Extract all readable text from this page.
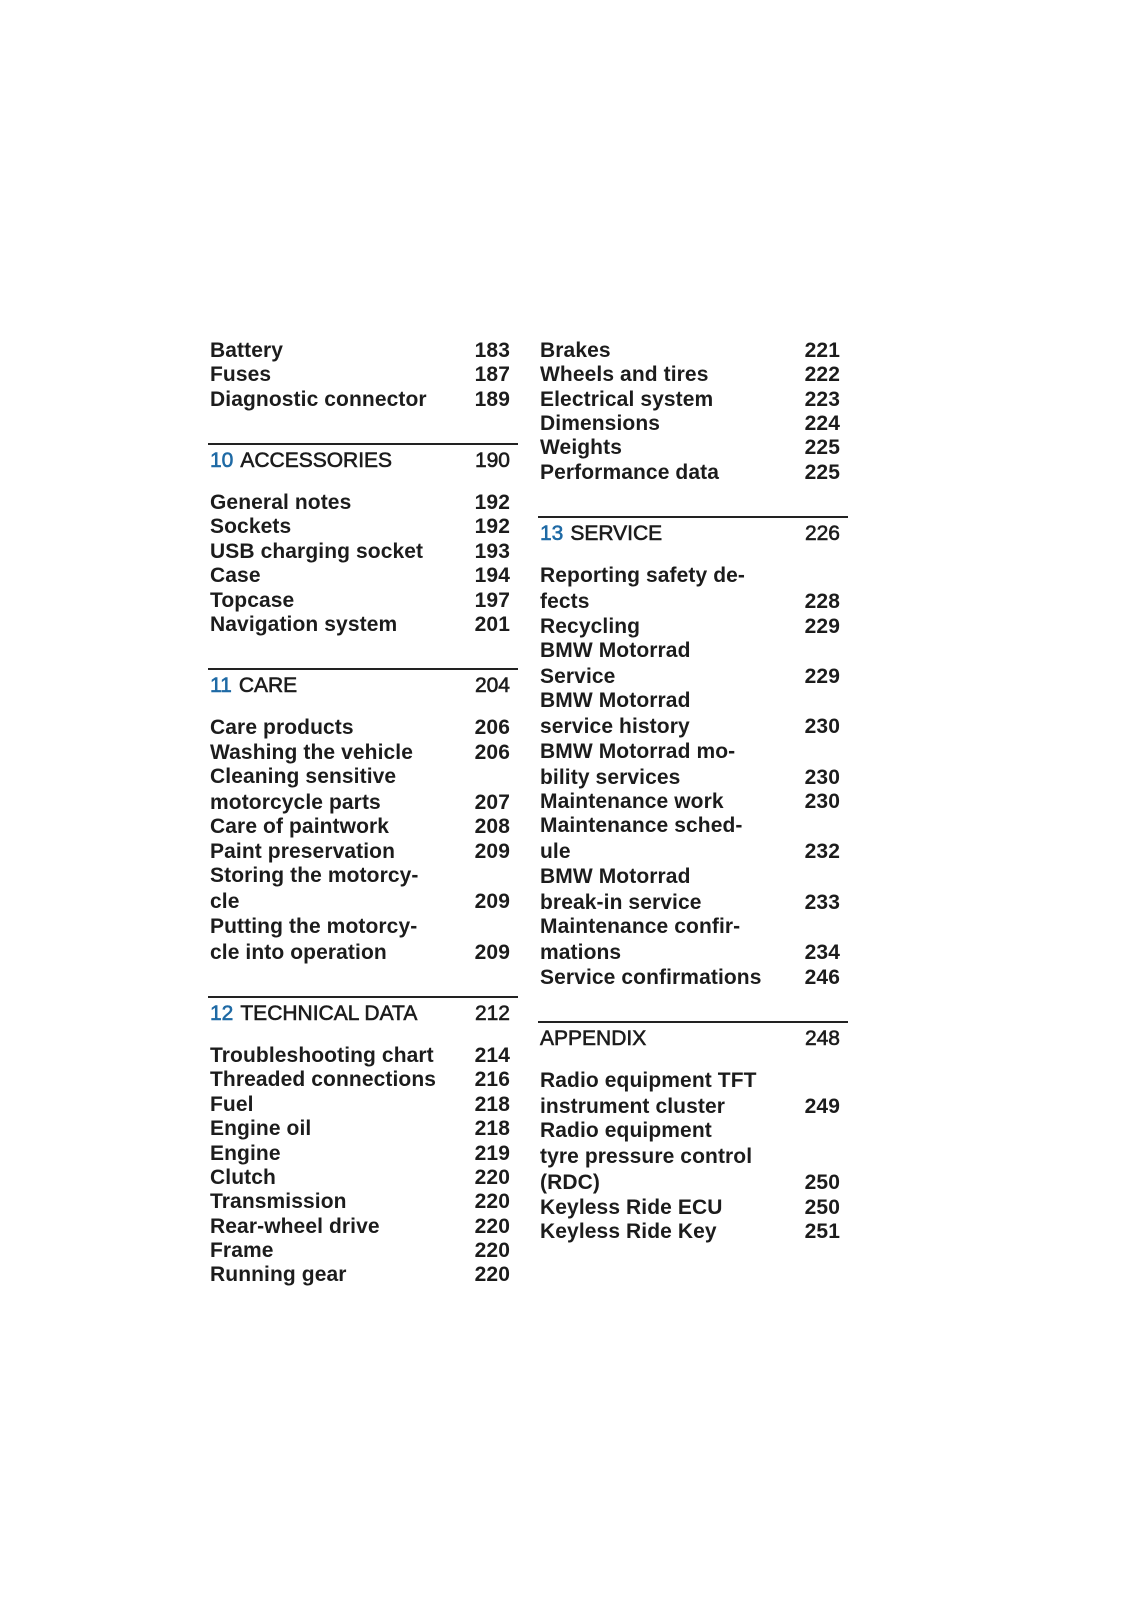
Battery	183
Fuses	187
Diagnostic connector 189
10 ACCESSORIES	190
General notes	192
Sockets	192
USB charging socket 193
Case	194
Topcase	197
Navigation system	201
11 CARE	204
Care products	206
Washing the vehicle	206
Cleaning sensitive
motorcycle parts	207
Care of paintwork	208
Paint preservation	209
Storing the motorcy-
cle	209
Putting the motorcy-
cle into operation	209
12 TECHNICAL DATA	212
Troubleshooting chart 214
Threaded connections 216
Fuel	218
Engine oil	218
Engine	219
Clutch	220
Transmission	220
Rear-wheel drive	220
Frame	220
Running gear	220
Brakes	221
Wheels and tires	222
Electrical system	223
Dimensions	224
Weights	225
Performance data	225
13 SERVICE	226
Reporting safety de-
fects	228
Recycling	229
BMW Motorrad
Service	229
BMW Motorrad
service history	230
BMW Motorrad mo-
bility services	230
Maintenance work	230
Maintenance sched-
ule	232
BMW Motorrad
break-in service	233
Maintenance confir-
mations	234
Service confirmations 246
APPENDIX	248
Radio equipment TFT
instrument cluster	249
Radio equipment
tyre pressure control
(RDC)	250
Keyless Ride ECU	250
Keyless Ride Key	251
